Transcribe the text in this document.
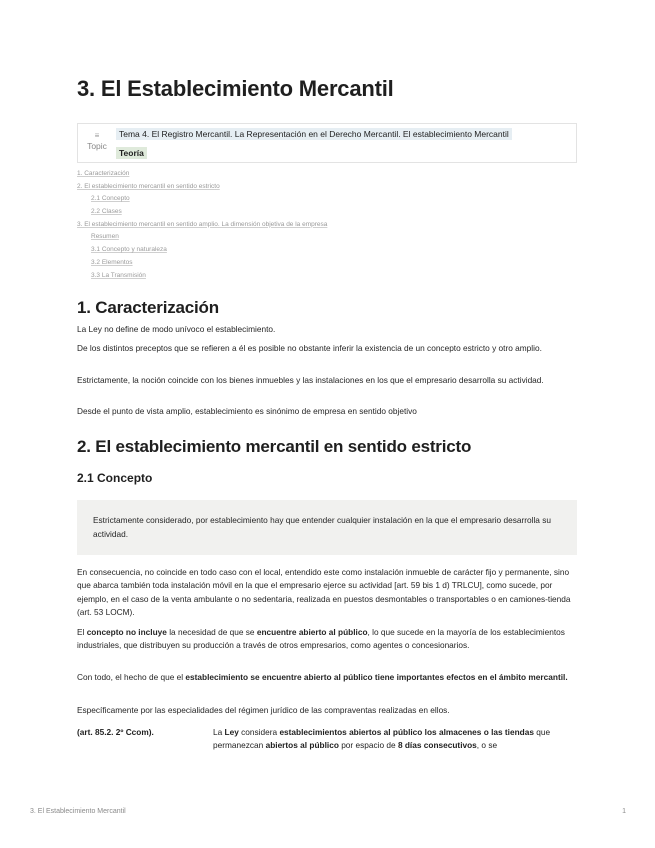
3. El Establecimiento Mercantil
≡
Topic
Tema 4. El Registro Mercantil. La Representación en el Derecho Mercantil. El establecimiento Mercantil
Teoría
1. Caracterización
2. El establecimiento mercantil en sentido estricto
2.1 Concepto
2.2 Clases
3. El establecimiento mercantil en sentido amplio. La dimensión objetiva de la empresa
Resumen
3.1 Concepto y naturaleza
3.2 Elementos
3.3 La Transmisión
1. Caracterización

La Ley no define de modo unívoco el establecimiento.

De los distintos preceptos que se refieren a él es posible no obstante inferir la existencia de un concepto estricto y otro amplio.

Estrictamente, la noción coincide con los bienes inmuebles y las instalaciones en los que el empresario desarrolla su actividad.

Desde el punto de vista amplio, establecimiento es sinónimo de empresa en sentido objetivo

2. El establecimiento mercantil en sentido estricto
2.1 Concepto
Estrictamente considerado, por establecimiento hay que entender cualquier instalación en la que el empresario desarrolla su actividad.

En consecuencia, no coincide en todo caso con el local, entendido este como instalación inmueble de carácter fijo y permanente, sino que abarca también toda instalación móvil en la que el empresario ejerce su actividad [art. 59 bis 1 d) TRLCU], como sucede, por ejemplo, en el caso de la venta ambulante o no sedentaria, realizada en puestos desmontables o transportables o en camiones-tienda (art. 53 LOCM).

El concepto no incluye la necesidad de que se encuentre abierto al público, lo que sucede en la mayoría de los establecimientos industriales, que distribuyen su producción a través de otros empresarios, como agentes o concesionarios.

Con todo, el hecho de que el establecimiento se encuentre abierto al público tiene importantes efectos en el ámbito mercantil.

Específicamente por las especialidades del régimen jurídico de las compraventas realizadas en ellos.

(art. 85.2. 2º Ccom).	La Ley considera establecimientos abiertos al público los almacenes o las tiendas que permanezcan abiertos al público por espacio de 8 días consecutivos, o se
3. El Establecimiento Mercantil	1
